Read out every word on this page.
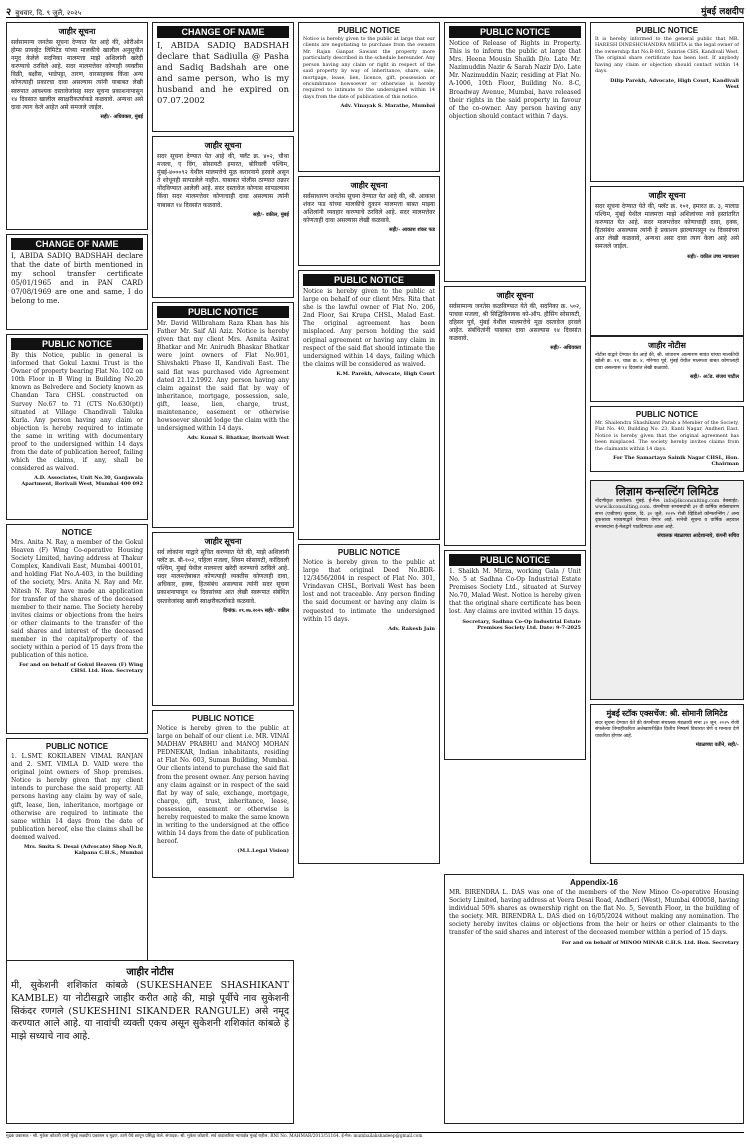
२ बुधवार, दि. ९ जुलै, २०२५	मुंबई लक्षदीप
जाहीर सूचना
सर्वसामान्य जनतेस सूचना देण्यात येत आहे की, ओरीओन होम्स प्रायव्हेट लिमिटेड यांच्या मालकीचे खालील अनुसूचीत नमूद केलेले सदनिका मालमत्ता माझे अशिलांनी खरेदी करण्याचे ठरविले आहे. सदर मालमत्तेवर कोणाही व्यक्तीस विक्री, बक्षीस, भाडेपट्टा, तारण, वारसाहक्क किंवा अन्य कोणत्याही प्रकारचा दावा असल्यास त्यांनी याबाबत लेखी स्वरुपात आवश्यक दस्तावेजांसह सदर सूचना प्रकाशनापासून १४ दिवसात खालील स्वाक्षरीकर्त्याकडे कळवावे. अन्यथा असे दावा त्याग केले आहेत असे समजले जाईल.
सही/- अधिवक्ता, मुंबई
CHANGE OF NAME
I, ABIDA SADIQ BADSHAH declare that the date of birth mentioned in my school transfer certificate 05/01/1965 and in PAN CARD 07/08/1969 are one and same, I do belong to me.
PUBLIC NOTICE
By this Notice, public in general is informed that Gokul Laxmi Trust is the Owner of property bearing Flat No. 102 on 10th Floor in B Wing in Building No.20 known as Belvedere and Society known as Chandan Tara CHSL constructed on Survey No.67 to 71 (CTS No.630(pt)) situated at Village Chandivali Taluka Kurla. Any person having any claim or objection is hereby required to intimate the same in writing with documentary proof to the undersigned within 14 days from the date of publication hereof, failing which the claims, if any, shall be considered as waived.
A.D. Associates, Unit No.30, Ganjawala Apartment, Borivali West, Mumbai 400 092
NOTICE
Mrs. Anita N. Ray, a member of the Gokul Heaven (F) Wing Co-operative Housing Society Limited, having address at Thakur Complex, Kandivali East, Mumbai 400101, and holding Flat No.A-403, in the building of the society, Mrs. Anita N. Ray and Mr. Nitesh N. Ray have made an application for transfer of the shares of the deceased member to their name. The Society hereby invites claims or objections from the heirs or other claimants to the transfer of the said shares and interest of the deceased member in the capital/property of the society within a period of 15 days from the publication of this notice.
For and on behalf of Gokul Heaven (F) Wing CHSL Ltd. Hon. Secretary
PUBLIC NOTICE
1. L.SMT. KOKILABEN VIMAL RANJAN and 2. SMT. VIMLA D. VAID were the original joint owners of Shop premises. Notice is hereby given that my client intends to purchase the said property. All persons having any claim by way of sale, gift, lease, lien, inheritance, mortgage or otherwise are required to intimate the same within 14 days from the date of publication hereof, else the claims shall be deemed waived.
Mrs. Smita S. Desai (Advocate) Shop No.8, Kalpana C.H.S., Mumbai
CHANGE OF NAME
I, ABIDA SADIQ BADSHAH declare that Sadiulla @ Pasha and Sadiq Badshah are one and same person, who is my husband and he expired on 07.07.2002
जाहीर सूचना
सदर सूचना देण्यात येत आहे की, फ्लॅट क्र. ४०२, चौथा मजला, ए विंग, सोसायटी इमारत, बोरिवली पश्चिम, मुंबई-४०००९२ येथील मालमत्तेचे मूळ करारनामे हरवले असून ते शोधूनही सापडलेले नाहीत. याबाबत पोलीस ठाण्यात तक्रार नोंदविण्यात आलेली आहे. सदर दस्तावेज कोणास सापडल्यास किंवा सदर मालमत्तेवर कोणाचाही दावा असल्यास त्यांनी याबाबत १४ दिवसांत कळवावे.
सही/- वकील, मुंबई
PUBLIC NOTICE
Mr. David Wilbraham Raza Khan has his Father Mr. Saif Ali Aziz. Notice is hereby given that my client Mrs. Asmita Asirat Bhatkar and Mr. Anirudh Bhaskar Bhatkar were joint owners of Flat No.901, Shivshakti Phase II, Kandivali East. The said flat was purchased vide Agreement dated 21.12.1992. Any person having any claim against the said flat by way of inheritance, mortgage, possession, sale, gift, lease, lien, charge, trust, maintenance, easement or otherwise howsoever should lodge the claim with the undersigned within 14 days.
Adv. Kunal S. Bhatkar, Borivali West
जाहीर सूचना
सर्व लोकांना याद्वारे सूचित करण्यात येते की, माझे अशिलांनी फ्लॅट क्र. बी-१०२, पहिला मजला, शिवम सोसायटी, कांदिवली पश्चिम, मुंबई येथील मालमत्ता खरेदी करण्याचे ठरविले आहे. सदर मालमत्तेबाबत कोणत्याही व्यक्तीस कोणताही दावा, अधिकार, हक्क, हितसंबंध असल्यास त्यांनी सदर सूचना प्रकाशनापासून १४ दिवसांच्या आत लेखी स्वरूपात संबंधित दस्तावेजांसह खाली स्वाक्षरीकर्त्याकडे कळवावे.
दिनांक: ०९.०७.२०२५ सही/- वकील
PUBLIC NOTICE
Notice is hereby given to the public at large on behalf of our client i.e. MR. VINAI MADHAV PRABHU and MANOJ MOHAN PEDNEKAR, Indian inhabitants, residing at Flat No. 603, Suman Building, Mumbai. Our clients intend to purchase the said flat from the present owner. Any person having any claim against or in respect of the said flat by way of sale, exchange, mortgage, charge, gift, trust, inheritance, lease, possession, easement or otherwise is hereby requested to make the same known in writing to the undersigned at the office within 14 days from the date of publication hereof.
(M.L.Legal Vision)
जाहीर नोटीस
मी, सुकेशनी शशिकांत कांबळे (SUKESHANEE SHASHIKANT KAMBLE) या नोटीसद्वारे जाहीर करीत आहे की, माझे पूर्वीचे नाव सुकेशनी सिकंदर रणगले (SUKESHINI SIKANDER RANGULE) असे नमूद करण्यात आले आहे. या नावांची व्यक्ती एकच असून सुकेशनी शशिकांत कांबळे हे माझे सध्याचे नाव आहे.
PUBLIC NOTICE
Notice is hereby given to the public at large that our clients are negotiating to purchase from the owners Mr. Rajan Ganpat Sawant the property more particularly described in the schedule hereunder. Any person having any claim or right in respect of the said property by way of inheritance, share, sale, mortgage, lease, lien, licence, gift, possession or encumbrance howsoever or otherwise is hereby required to intimate to the undersigned within 14 days from the date of publication of this notice.
Adv. Vinayak S. Marathe, Mumbai
जाहीर सूचना
सर्वसाधारण जनतेस सूचना देण्यात येत आहे की, श्री. आकाश शंकर फड यांच्या मालकीचे दुकान मालमत्ता बाबत माझ्या अशिलांनी व्यवहार करण्याचे ठरविले आहे. सदर मालमत्तेवर कोणताही दावा असल्यास लेखी कळवावे.
सही/- आकाश शंकर फड
PUBLIC NOTICE
Notice is hereby given to the public at large on behalf of our client Mrs. Rita that she is the lawful owner of Flat No. 206, 2nd Floor, Sai Krupa CHSL, Malad East. The original agreement has been misplaced. Any person holding the said original agreement or having any claim in respect of the said flat should intimate the undersigned within 14 days, failing which the claims will be considered as waived.
K.M. Parekh, Advocate, High Court
PUBLIC NOTICE
Notice is hereby given to the public at large that original Deed No.BDR-12/3456/2004 in respect of Flat No. 301, Vrindavan CHSL, Borivali West has been lost and not traceable. Any person finding the said document or having any claim is requested to intimate the undersigned within 15 days.
Adv. Rakesh Jain
PUBLIC NOTICE
Notice of Release of Rights in Property. This is to inform the public at large that Mrs. Heena Mousin Shaikh D/o. Late Mr. Nazimuddin Nazir & Sarah Nazir D/o. Late Mr. Nazimuddin Nazir, residing at Flat No. A-1006, 10th Floor, Building No. 8-C, Broadway Avenue, Mumbai, have released their rights in the said property in favour of the co-owner. Any person having any objection should contact within 7 days.
जाहीर सूचना
सर्वसामान्य जनतेस कळविण्यात येते की, सदनिका क्र. ५०२, पाचवा मजला, श्री सिद्धिविनायक को-ऑप. हौसिंग सोसायटी, दहिसर पूर्व, मुंबई येथील मालमत्तेचे मूळ दस्तावेज हरवले आहेत. संबंधितांनी याबाबत दावा असल्यास १४ दिवसांत कळवावे.
सही/- अधिवक्ता
PUBLIC NOTICE
1. Shaikh M. Mirza, working Gala / Unit No. 5 at Sadhna Co-Op Industrial Estate Premises Society Ltd., situated at Survey No.70, Malad West. Notice is hereby given that the original share certificate has been lost. Any claims are invited within 15 days.
Secretary, Sadhna Co-Op Industrial Estate Premises Society Ltd. Date: 9-7-2025
PUBLIC NOTICE
It is hereby informed to the general public that MR. HARESH DINESHCHANDRA MEHTA is the legal owner of the ownership flat No.B-801, Sunrise CHS, Kandivali West. The original share certificate has been lost. If anybody having any claim or objection should contact within 14 days.
Dilip Parekh, Advocate, High Court, Kandivali West
जाहीर सूचना
सदर सूचना देण्यात येते की, फ्लॅट क्र. १०१, इमारत क्र. ३, मालाड पश्चिम, मुंबई येथील मालमत्ता माझे अशिलांच्या नावे हस्तांतरित करण्यात येत आहे. सदर मालमत्तेवर कोणाचाही दावा, हक्क, हितसंबंध असल्यास त्यांनी हे प्रकाशन झाल्यापासून १४ दिवसांच्या आत लेखी कळवावे, अन्यथा असा दावा त्याग केला आहे असे समजले जाईल.
सही/- वकील उच्च न्यायालय
जाहीर नोटीस
नोटीस याद्वारे देण्यात येत आहे की, श्री. शांताराम आत्माराम सावंत यांच्या मालकीची खोली क्र. १२, चाळ क्र. ४, गोरेगाव पूर्व, मुंबई येथील मालमत्ता बाबत कोणालाही दावा असल्यास १४ दिवसांत लेखी कळवावे.
सही/- अॅड. संजय पाटील
PUBLIC NOTICE
Mr. Shailendra Shashikant Parab a Member of the Society, Flat No. 40, Building No. 23, Kanti Nagar, Andheri East. Notice is hereby given that the original agreement has been misplaced. The society hereby invites claims from the claimants within 14 days.
For The Samartaya Sainik Nagar CHSL, Hon. Chairman
लिज्ञाम कन्सल्टिंग लिमिटेड
नोंदणीकृत कार्यालय: मुंबई. ई-मेल: info@lkconsulting.com वेबसाईट: www.lkconsulting.com. कंपनीच्या सभासदांची ३२ वी वार्षिक सर्वसाधारण सभा (एजीएम) बुधवार, दि. ३० जुलै, २०२५ रोजी व्हिडिओ कॉन्फरन्सिंग / अन्य दृकश्राव्य माध्यमाद्वारे घेण्यात येणार आहे. सभेची सूचना व वार्षिक अहवाल सभासदांना ई-मेलद्वारे पाठविण्यात आला आहे.
संचालक मंडळाच्या आदेशान्वये, कंपनी सचिव
मुंबई स्टॉक एक्सचेंज: श्री. सोमानी लिमिटेड
सदर सूचना देण्यात येते की कंपनीच्या संचालक मंडळाची सभा ३० जून, २०२५ रोजी संपलेल्या तिमाहीकरिता अलेखापरीक्षित वित्तीय निष्कर्ष विचारात घेणे व मान्यता देणे याकरिता होणार आहे.
मंडळाच्या वतीने, सही/-
Appendix-16
MR. BIRENDRA L. DAS was one of the members of the New Minoo Co-operative Housing Society Limited, having address at Veera Desai Road, Andheri (West), Mumbai 400058, having individual 50% shares as ownership right on the flat No. 5, Seventh Floor, in the building of the society. MR. BIRENDRA L. DAS died on 16/05/2024 without making any nomination. The society hereby invites claims or objections from the heir or heirs or other claimants to the transfer of the said shares and interest of the deceased member within a period of 15 days.
For and on behalf of MINOO MINAR C.H.S. Ltd. Hon. Secretary
मुद्रक प्रकाशक - श्री. मुकेश कोठारी यांनी मुंबई लक्षदीप प्रकाशन व मुद्रण, ठाणे येथे छापून प्रसिद्ध केले. संपादक: श्री. मुकेश कोठारी. सर्व वादांकरिता न्यायक्षेत्र मुंबई राहील. RNI No. MAHMAR/2013/51164. ई-मेल: mumbailakshadeep@gmail.com
